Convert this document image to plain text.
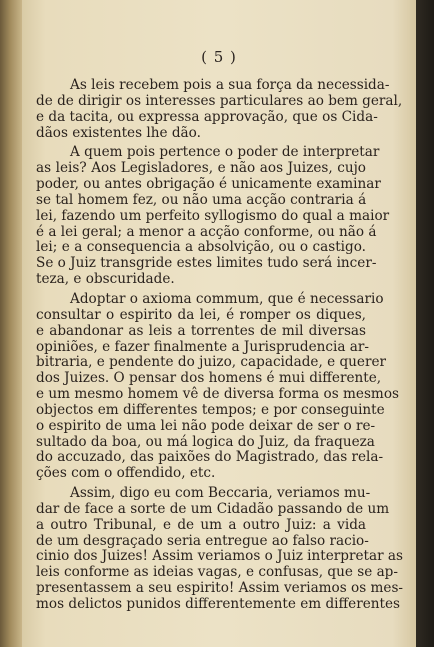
( 5 )
As leis recebem pois a sua força da necessida-
de de dirigir os interesses particulares ao bem geral,
e da tacita, ou expressa approvação, que os Cida-
dãos existentes lhe dão.
A quem pois pertence o poder de interpretar
as leis? Aos Legisladores, e não aos Juizes, cujo
poder, ou antes obrigação é unicamente examinar
se tal homem fez, ou não uma acção contraria á
lei, fazendo um perfeito syllogismo do qual a maior
é a lei geral; a menor a acção conforme, ou não á
lei; e a consequencia a absolvição, ou o castigo.
Se o Juiz transgride estes limites tudo será incer-
teza, e obscuridade.
Adoptar o axioma commum, que é necessario
consultar o espirito da lei, é romper os diques,
e abandonar as leis a torrentes de mil diversas
opiniões, e fazer finalmente a Jurisprudencia ar-
bitraria, e pendente do juizo, capacidade, e querer
dos Juizes. O pensar dos homens é mui differente,
e um mesmo homem vê de diversa forma os mesmos
objectos em differentes tempos; e por conseguinte
o espirito de uma lei não pode deixar de ser o re-
sultado da boa, ou má logica do Juiz, da fraqueza
do accuzado, das paixões do Magistrado, das rela-
ções com o offendido, etc.
Assim, digo eu com Beccaria, veriamos mu-
dar de face a sorte de um Cidadão passando de um
a outro Tribunal, e de um a outro Juiz: a vida
de um desgraçado seria entregue ao falso racio-
cinio dos Juizes! Assim veriamos o Juiz interpretar as
leis conforme as ideias vagas, e confusas, que se ap-
presentassem a seu espirito! Assim veriamos os mes-
mos delictos punidos differentemente em differentes
